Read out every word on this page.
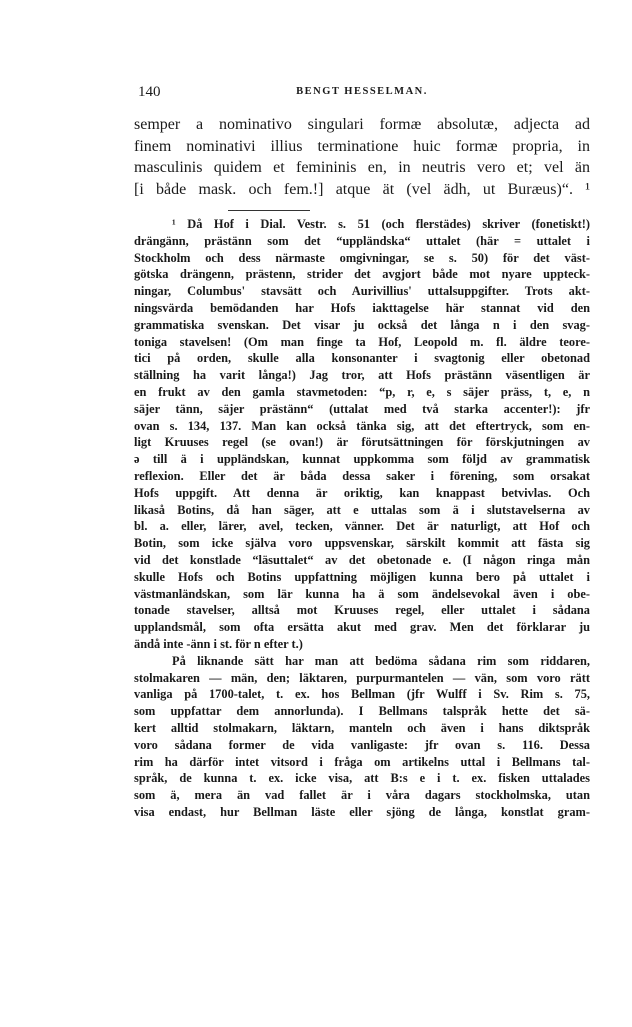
140	BENGT HESSELMAN.
semper a nominativo singulari formæ absolutæ, adjecta ad
finem nominativi illius terminatione huic formæ propria, in
masculinis quidem et femininis en, in neutris vero et; vel än
[i både mask. och fem.!] atque ät (vel ädh, ut Buræus)“. ¹
¹ Då Hof i Dial. Vestr. s. 51 (och flerstädes) skriver (fonetiskt!)
drängänn, prästänn som det “uppländska“ uttalet (här = uttalet i
Stockholm och dess närmaste omgivningar, se s. 50) för det väst-
götska drängenn, prästenn, strider det avgjort både mot nyare uppteck-
ningar, Columbus' stavsätt och Aurivillius' uttalsuppgifter. Trots akt-
ningsvärda bemödanden har Hofs iakttagelse här stannat vid den
grammatiska svenskan. Det visar ju också det långa n i den svag-
toniga stavelsen! (Om man finge ta Hof, Leopold m. fl. äldre teore-
tici på orden, skulle alla konsonanter i svagtonig eller obetonad
ställning ha varit långa!) Jag tror, att Hofs prästänn väsentligen är
en frukt av den gamla stavmetoden: “p, r, e, s säjer präss, t, e, n
säjer tänn, säjer prästänn“ (uttalat med två starka accenter!): jfr
ovan s. 134, 137. Man kan också tänka sig, att det eftertryck, som en-
ligt Kruuses regel (se ovan!) är förutsättningen för förskjutningen av
ə till ä i uppländskan, kunnat uppkomma som följd av grammatisk
reflexion. Eller det är båda dessa saker i förening, som orsakat
Hofs uppgift. Att denna är oriktig, kan knappast betvivlas. Och
likaså Botins, då han säger, att e uttalas som ä i slutstavelserna av
bl. a. eller, lärer, avel, tecken, vänner. Det är naturligt, att Hof och
Botin, som icke själva voro uppsvenskar, särskilt kommit att fästa sig
vid det konstlade “läsuttalet“ av det obetonade e. (I någon ringa mån
skulle Hofs och Botins uppfattning möjligen kunna bero på uttalet i
västmanländskan, som lär kunna ha ä som ändelsevokal även i obe-
tonade stavelser, alltså mot Kruuses regel, eller uttalet i sådana
upplandsmål, som ofta ersätta akut med grav. Men det förklarar ju
ändå inte -änn i st. för n efter t.)
På liknande sätt har man att bedöma sådana rim som riddaren,
stolmakaren — män, den; läktaren, purpurmantelen — vän, som voro rätt
vanliga på 1700-talet, t. ex. hos Bellman (jfr Wulff i Sv. Rim s. 75,
som uppfattar dem annorlunda). I Bellmans talspråk hette det sä-
kert alltid stolmakarn, läktarn, manteln och även i hans diktspråk
voro sådana former de vida vanligaste: jfr ovan s. 116. Dessa
rim ha därför intet vitsord i fråga om artikelns uttal i Bellmans tal-
språk, de kunna t. ex. icke visa, att B:s e i t. ex. fisken uttalades
som ä, mera än vad fallet är i våra dagars stockholmska, utan
visa endast, hur Bellman läste eller sjöng de långa, konstlat gram-
